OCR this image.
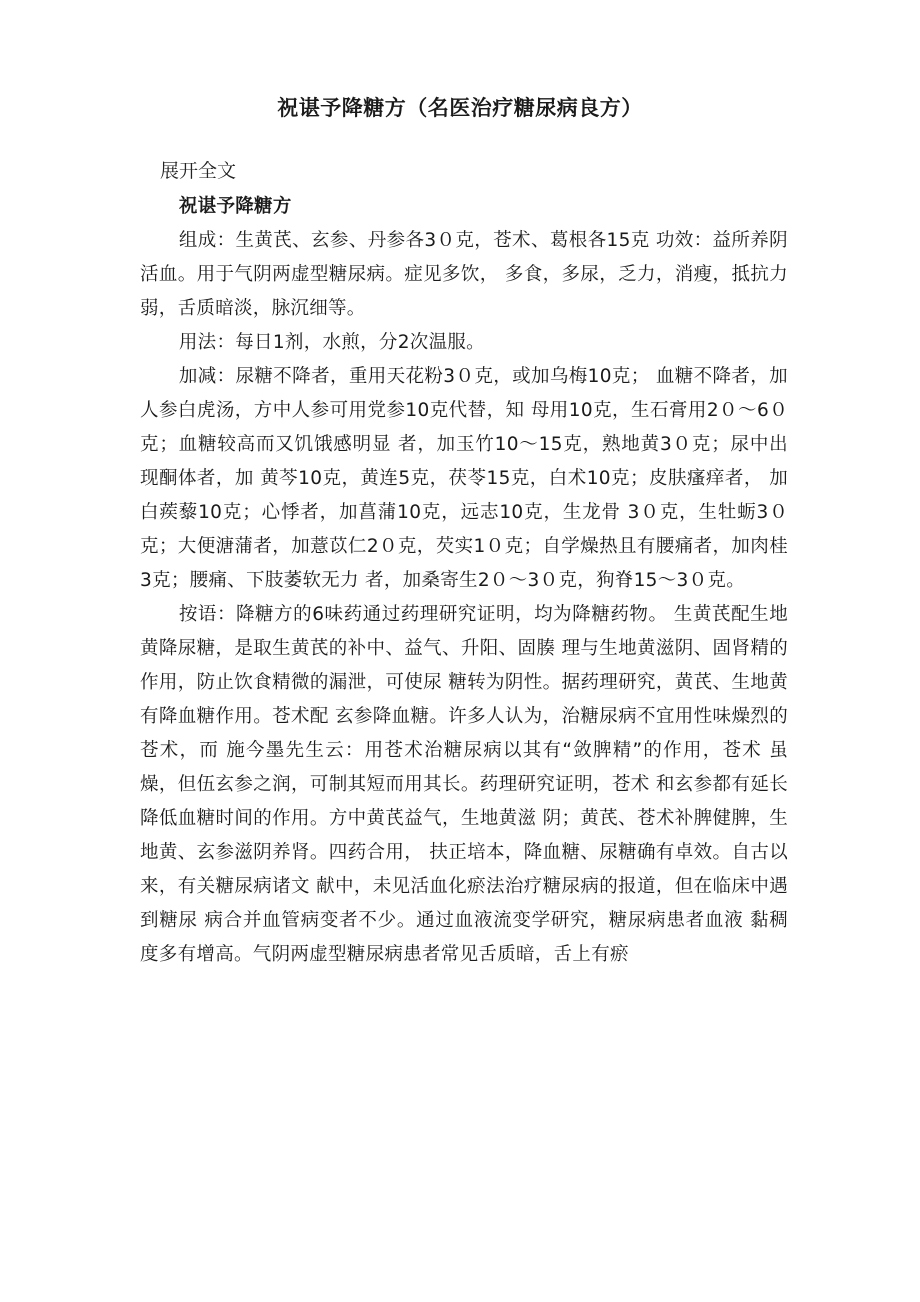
祝谌予降糖方（名医治疗糖尿病良方）
展开全文

祝谌予降糖方

组成：生黄芪、玄参、丹参各3０克，苍术、葛根各15克 功效：益所养阴活血。用于气阴两虚型糖尿病。症见多饮， 多食，多尿，乏力，消瘦，抵抗力弱，舌质暗淡，脉沉细等。

用法：每日1剂，水煎，分2次温服。

加减：尿糖不降者，重用天花粉3０克，或加乌梅10克； 血糖不降者，加人参白虎汤，方中人参可用党参10克代替，知 母用10克，生石膏用2０～6０克；血糖较高而又饥饿感明显 者，加玉竹10～15克，熟地黄3０克；尿中出现酮体者，加 黄芩10克，黄连5克，茯苓15克，白术10克；皮肤瘙痒者， 加白蒺藜10克；心悸者，加菖蒲10克，远志10克，生龙骨 3０克，生牡蛎3０克；大便溏蒲者，加薏苡仁2０克，芡实1０克；自学燥热且有腰痛者，加肉桂3克；腰痛、下肢萎软无力 者，加桑寄生2０～3０克，狗脊15～3０克。

按语：降糖方的6味药通过药理研究证明，均为降糖药物。 生黄芪配生地黄降尿糖，是取生黄芪的补中、益气、升阳、固腠 理与生地黄滋阴、固肾精的作用，防止饮食精微的漏泄，可使尿 糖转为阴性。据药理研究，黄芪、生地黄有降血糖作用。苍术配 玄参降血糖。许多人认为，治糖尿病不宜用性味燥烈的苍术，而 施今墨先生云：用苍术治糖尿病以其有“敛脾精”的作用，苍术 虽燥，但伍玄参之润，可制其短而用其长。药理研究证明，苍术 和玄参都有延长降低血糖时间的作用。方中黄芪益气，生地黄滋 阴；黄芪、苍术补脾健脾，生地黄、玄参滋阴养肾。四药合用， 扶正培本，降血糖、尿糖确有卓效。自古以来，有关糖尿病诸文 献中，未见活血化瘀法治疗糖尿病的报道，但在临床中遇到糖尿 病合并血管病变者不少。通过血液流变学研究，糖尿病患者血液 黏稠度多有增高。气阴两虚型糖尿病患者常见舌质暗，舌上有瘀
